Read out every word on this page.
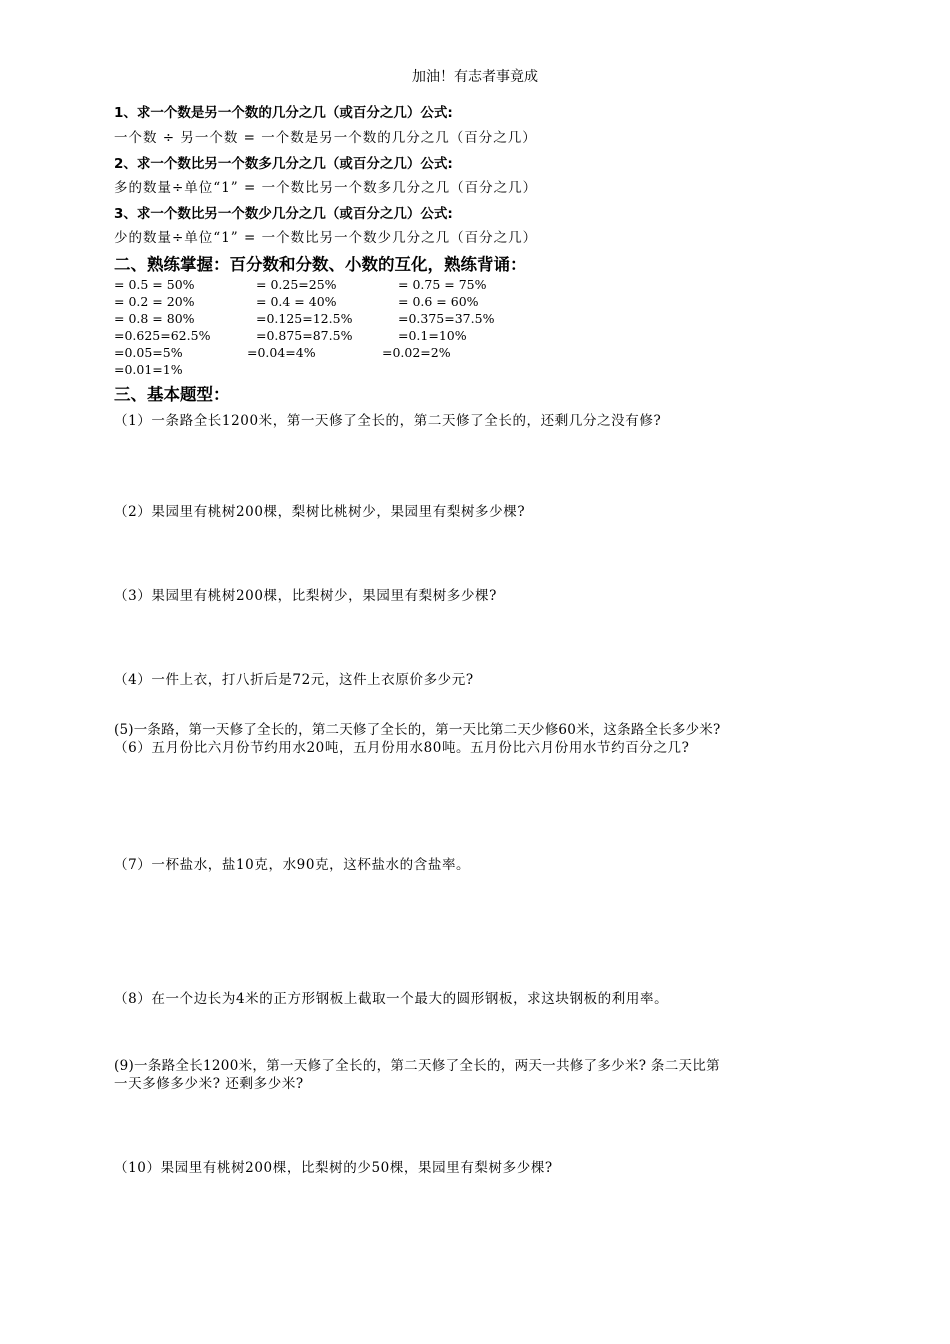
加油！有志者事竟成
1、求一个数是另一个数的几分之几（或百分之几）公式:
一个数 ÷ 另一个数 = 一个数是另一个数的几分之几（百分之几）
2、求一个数比另一个数多几分之几（或百分之几）公式:
多的数量÷单位“1” = 一个数比另一个数多几分之几（百分之几）
3、求一个数比另一个数少几分之几（或百分之几）公式:
少的数量÷单位“1” = 一个数比另一个数少几分之几（百分之几）
二、熟练掌握：百分数和分数、小数的互化，熟练背诵：
= 0.5 = 50%	= 0.25=25%	= 0.75 = 75%
= 0.2 = 20%	= 0.4 = 40%	= 0.6 = 60%
= 0.8 = 80%	=0.125=12.5%	=0.375=37.5%
=0.625=62.5%	=0.875=87.5%	=0.1=10%
=0.05=5%	=0.04=4%	=0.02=2%
=0.01=1%
三、基本题型：
（1）一条路全长1200米，第一天修了全长的，第二天修了全长的，还剩几分之没有修?
（2）果园里有桃树200棵，梨树比桃树少，果园里有梨树多少棵?
（3）果园里有桃树200棵，比梨树少，果园里有梨树多少棵?
（4）一件上衣，打八折后是72元，这件上衣原价多少元?
(5)一条路，第一天修了全长的，第二天修了全长的，第一天比第二天少修60米，这条路全长多少米?
（6）五月份比六月份节约用水20吨，五月份用水80吨。五月份比六月份用水节约百分之几?
（7）一杯盐水，盐10克，水90克，这杯盐水的含盐率。
（8）在一个边长为4米的正方形钢板上截取一个最大的圆形钢板，求这块钢板的利用率。
(9)一条路全长1200米，第一天修了全长的，第二天修了全长的，两天一共修了多少米? 条二天比第
一天多修多少米? 还剩多少米?
（10）果园里有桃树200棵，比梨树的少50棵，果园里有梨树多少棵?
